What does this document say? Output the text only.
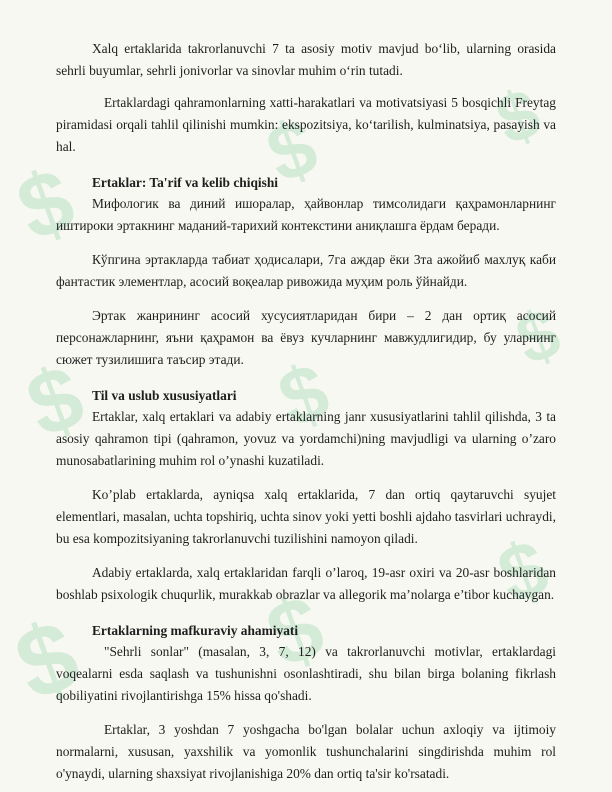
$ $ $
$ $
$
$ $
$

Xalq ertaklarida takrorlanuvchi 7 ta asosiy motiv mavjud bo‘lib, ularning orasida sehrli buyumlar, sehrli jonivorlar va sinovlar muhim o‘rin tutadi.

Ertaklardagi qahramonlarning xatti-harakatlari va motivatsiyasi 5 bosqichli Freytag piramidasi orqali tahlil qilinishi mumkin: ekspozitsiya, ko‘tarilish, kulminatsiya, pasayish va hal.

Ertaklar: Ta'rif va kelib chiqishi

Мифологик ва диний ишоралар, ҳайвонлар тимсолидаги қаҳрамонларнинг иштироки эртакнинг маданий-тарихий контекстини аниқлашга ёрдам беради.

Кўпгина эртакларда табиат ҳодисалари, 7га аждар ёки 3та ажойиб махлуқ каби фантастик элементлар, асосий воқеалар ривожида муҳим роль ўйнайди.

Эртак жанрининг асосий хусусиятларидан бири – 2 дан ортиқ асосий персонажларнинг, яъни қаҳрамон ва ёвуз кучларнинг мавжудлигидир, бу уларнинг сюжет тузилишига таъсир этади.

Til va uslub xususiyatlari

Ertaklar, xalq ertaklari va adabiy ertaklarning janr xususiyatlarini tahlil qilishda, 3 ta asosiy qahramon tipi (qahramon, yovuz va yordamchi)ning mavjudligi va ularning o’zaro munosabatlarining muhim rol o’ynashi kuzatiladi.

Ko’plab ertaklarda, ayniqsa xalq ertaklarida, 7 dan ortiq qaytaruvchi syujet elementlari, masalan, uchta topshiriq, uchta sinov yoki yetti boshli ajdaho tasvirlari uchraydi, bu esa kompozitsiyaning takrorlanuvchi tuzilishini namoyon qiladi.

Adabiy ertaklarda, xalq ertaklaridan farqli o’laroq, 19-asr oxiri va 20-asr boshlaridan boshlab psixologik chuqurlik, murakkab obrazlar va allegorik ma’nolarga e’tibor kuchaygan.

Ertaklarning mafkuraviy ahamiyati

"Sehrli sonlar" (masalan, 3, 7, 12) va takrorlanuvchi motivlar, ertaklardagi voqealarni esda saqlash va tushunishni osonlashtiradi, shu bilan birga bolaning fikrlash qobiliyatini rivojlantirishga 15% hissa qo'shadi.

Ertaklar, 3 yoshdan 7 yoshgacha bo'lgan bolalar uchun axloqiy va ijtimoiy normalarni, xususan, yaxshilik va yomonlik tushunchalarini singdirishda muhim rol o'ynaydi, ularning shaxsiyat rivojlanishiga 20% dan ortiq ta'sir ko'rsatadi.
